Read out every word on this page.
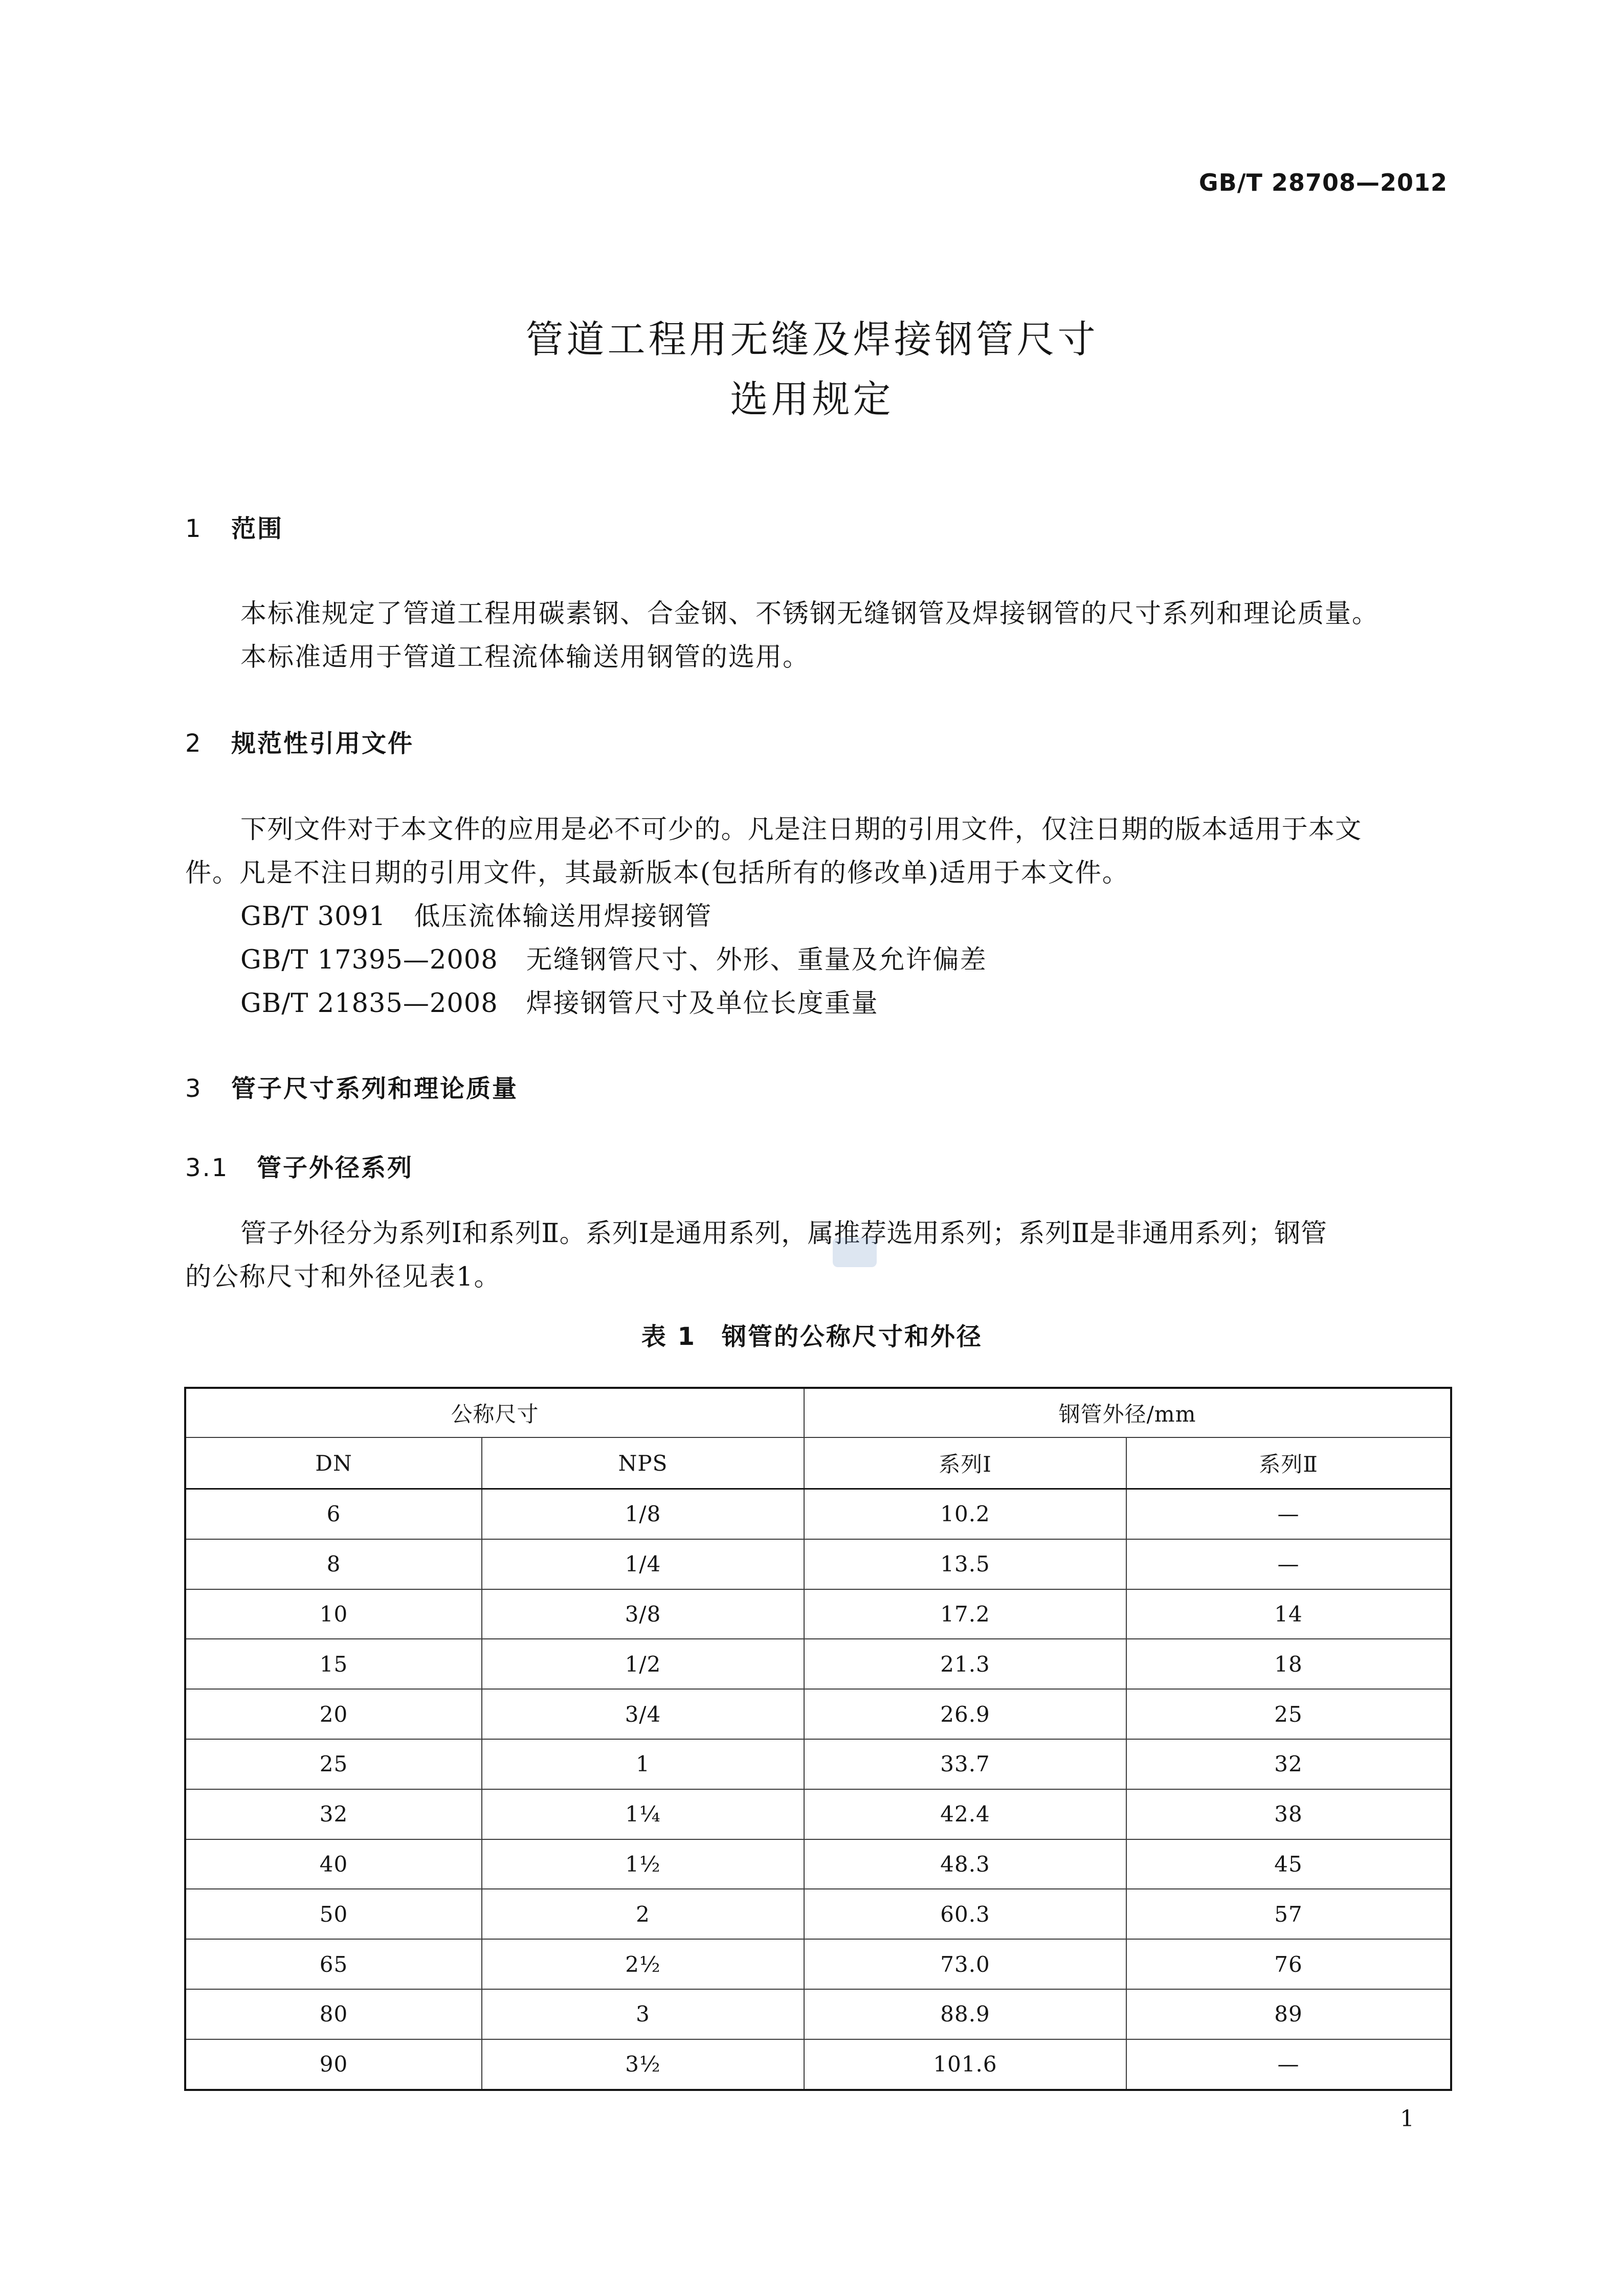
GB/T 28708—2012
管道工程用无缝及焊接钢管尺寸
选用规定
1 范围
本标准规定了管道工程用碳素钢、合金钢、不锈钢无缝钢管及焊接钢管的尺寸系列和理论质量。
本标准适用于管道工程流体输送用钢管的选用。
2 规范性引用文件
下列文件对于本文件的应用是必不可少的。凡是注日期的引用文件，仅注日期的版本适用于本文
件。凡是不注日期的引用文件，其最新版本(包括所有的修改单)适用于本文件。
GB/T 3091 低压流体输送用焊接钢管
GB/T 17395—2008 无缝钢管尺寸、外形、重量及允许偏差
GB/T 21835—2008 焊接钢管尺寸及单位长度重量
3 管子尺寸系列和理论质量
3.1 管子外径系列
管子外径分为系列Ⅰ和系列Ⅱ。系列Ⅰ是通用系列，属推荐选用系列；系列Ⅱ是非通用系列；钢管
的公称尺寸和外径见表1。
表 1 钢管的公称尺寸和外径
公称尺寸		钢管外径/mm	
DN	NPS	系列Ⅰ	系列Ⅱ
6	1/8	10.2	—
8	1/4	13.5	—
10	3/8	17.2	14
15	1/2	21.3	18
20	3/4	26.9	25
25	1	33.7	32
32	1¼	42.4	38
40	1½	48.3	45
50	2	60.3	57
65	2½	73.0	76
80	3	88.9	89
90	3½	101.6	—
1
